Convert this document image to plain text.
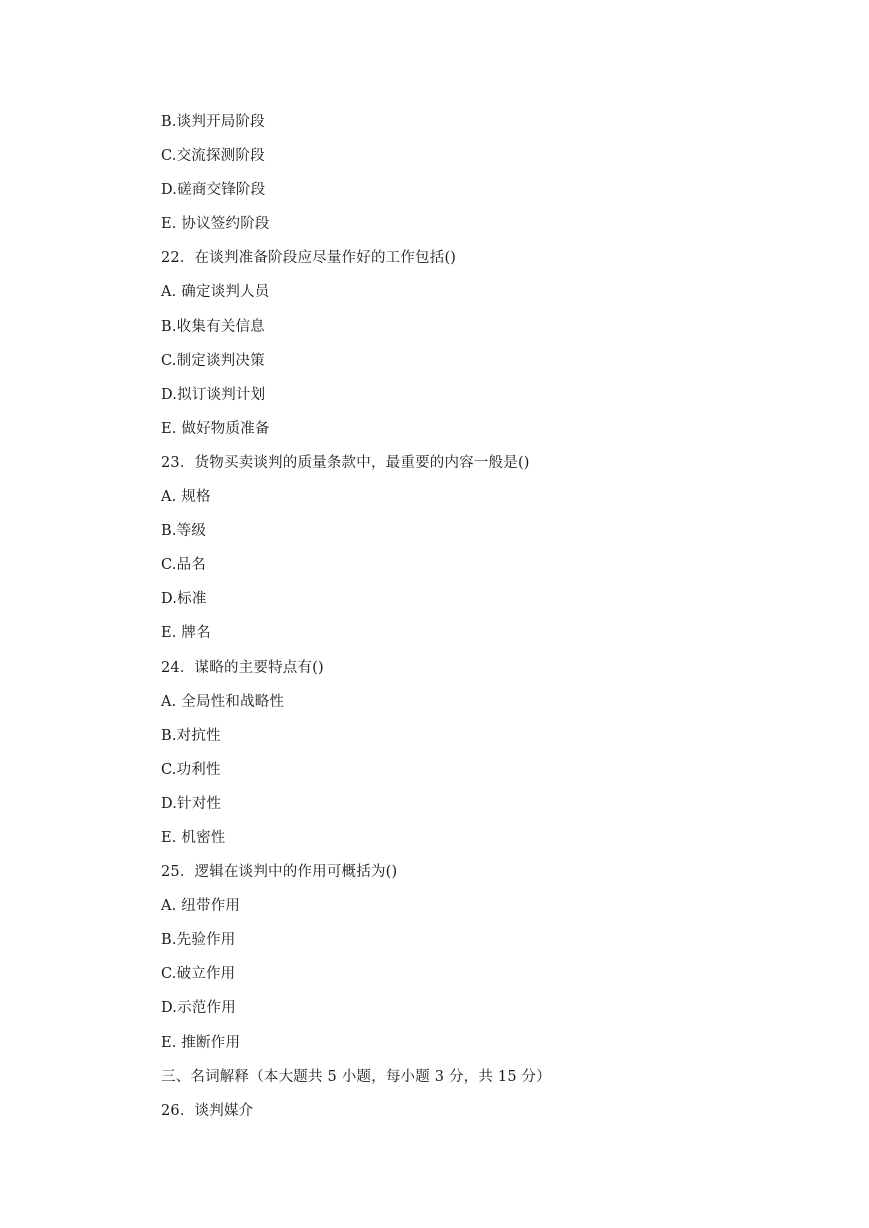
B.谈判开局阶段
C.交流探测阶段
D.磋商交锋阶段
E. 协议签约阶段
22．在谈判准备阶段应尽量作好的工作包括()
A. 确定谈判人员
B.收集有关信息
C.制定谈判决策
D.拟订谈判计划
E. 做好物质准备
23．货物买卖谈判的质量条款中，最重要的内容一般是()
A. 规格
B.等级
C.品名
D.标准
E. 牌名
24．谋略的主要特点有()
A. 全局性和战略性
B.对抗性
C.功利性
D.针对性
E. 机密性
25．逻辑在谈判中的作用可概括为()
A. 纽带作用
B.先验作用
C.破立作用
D.示范作用
E. 推断作用
三、名词解释（本大题共 5 小题，每小题 3 分，共 15 分）
26．谈判媒介
